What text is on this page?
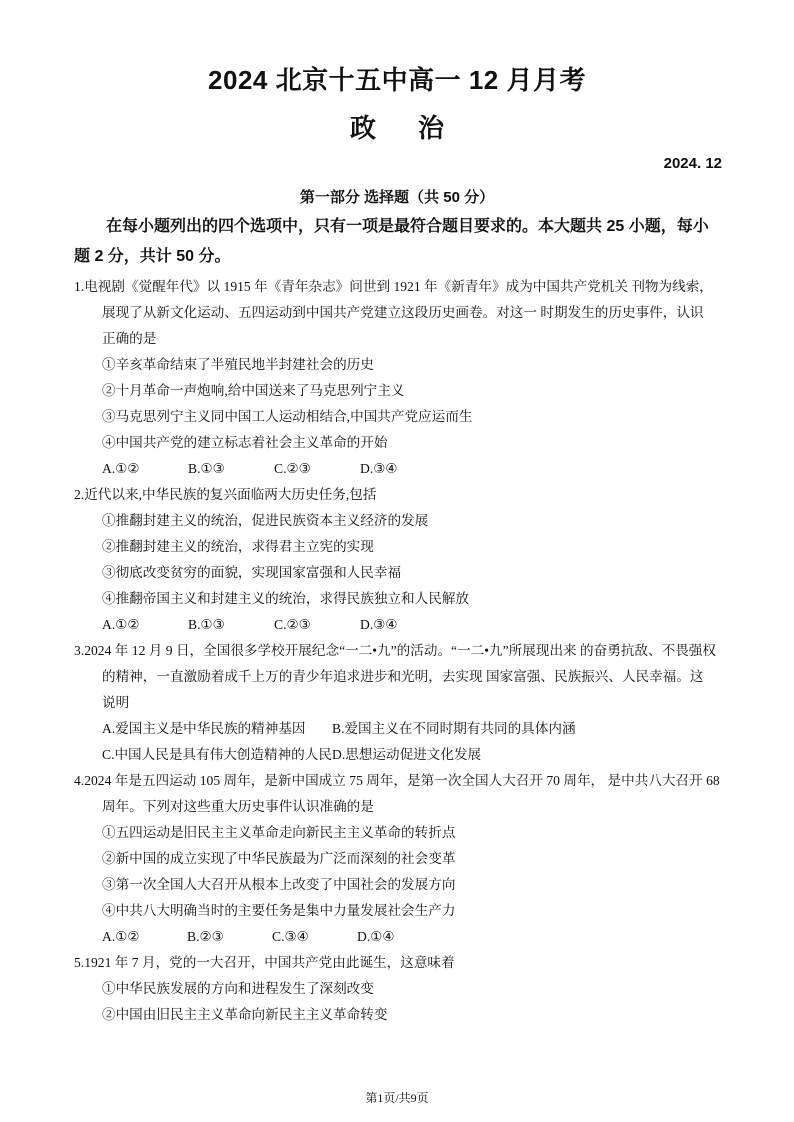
2024 北京十五中高一 12 月月考
政治
2024. 12
第一部分 选择题（共 50 分）
在每小题列出的四个选项中，只有一项是最符合题目要求的。本大题共 25 小题，每小题 2 分，共计 50 分。
1.电视剧《觉醒年代》以 1915 年《青年杂志》问世到 1921 年《新青年》成为中国共产党机关 刊物为线索，
展现了从新文化运动、五四运动到中国共产党建立这段历史画卷。对这一 时期发生的历史事件，认识
正确的是
①辛亥革命结束了半殖民地半封建社会的历史
②十月革命一声炮响,给中国送来了马克思列宁主义
③马克思列宁主义同中国工人运动相结合,中国共产党应运而生
④中国共产党的建立标志着社会主义革命的开始
A.①②	B.①③	C.②③	D.③④
2.近代以来,中华民族的复兴面临两大历史任务,包括
①推翻封建主义的统治，促进民族资本主义经济的发展
②推翻封建主义的统治，求得君主立宪的实现
③彻底改变贫穷的面貌，实现国家富强和人民幸福
④推翻帝国主义和封建主义的统治，求得民族独立和人民解放
A.①②	B.①③	C.②③	D.③④
3.2024 年 12 月 9 日，全国很多学校开展纪念“一二•九”的活动。“一二•九”所展现出来 的奋勇抗敌、不畏强权
的精神，一直激励着成千上万的青少年追求进步和光明，去实现 国家富强、民族振兴、人民幸福。这
说明
A.爱国主义是中华民族的精神基因 B.爱国主义在不同时期有共同的具体内涵
C.中国人民是具有伟大创造精神的人民D.思想运动促进文化发展
4.2024 年是五四运动 105 周年，是新中国成立 75 周年，是第一次全国人大召开 70 周年， 是中共八大召开 68
周年。下列对这些重大历史事件认识准确的是
①五四运动是旧民主主义革命走向新民主主义革命的转折点
②新中国的成立实现了中华民族最为广泛而深刻的社会变革
③第一次全国人大召开从根本上改变了中国社会的发展方向
④中共八大明确当时的主要任务是集中力量发展社会生产力
A.①②	B.②③	C.③④	D.①④
5.1921 年 7 月，党的一大召开，中国共产党由此诞生，这意味着
①中华民族发展的方向和进程发生了深刻改变
②中国由旧民主主义革命向新民主主义革命转变
第1页/共9页
